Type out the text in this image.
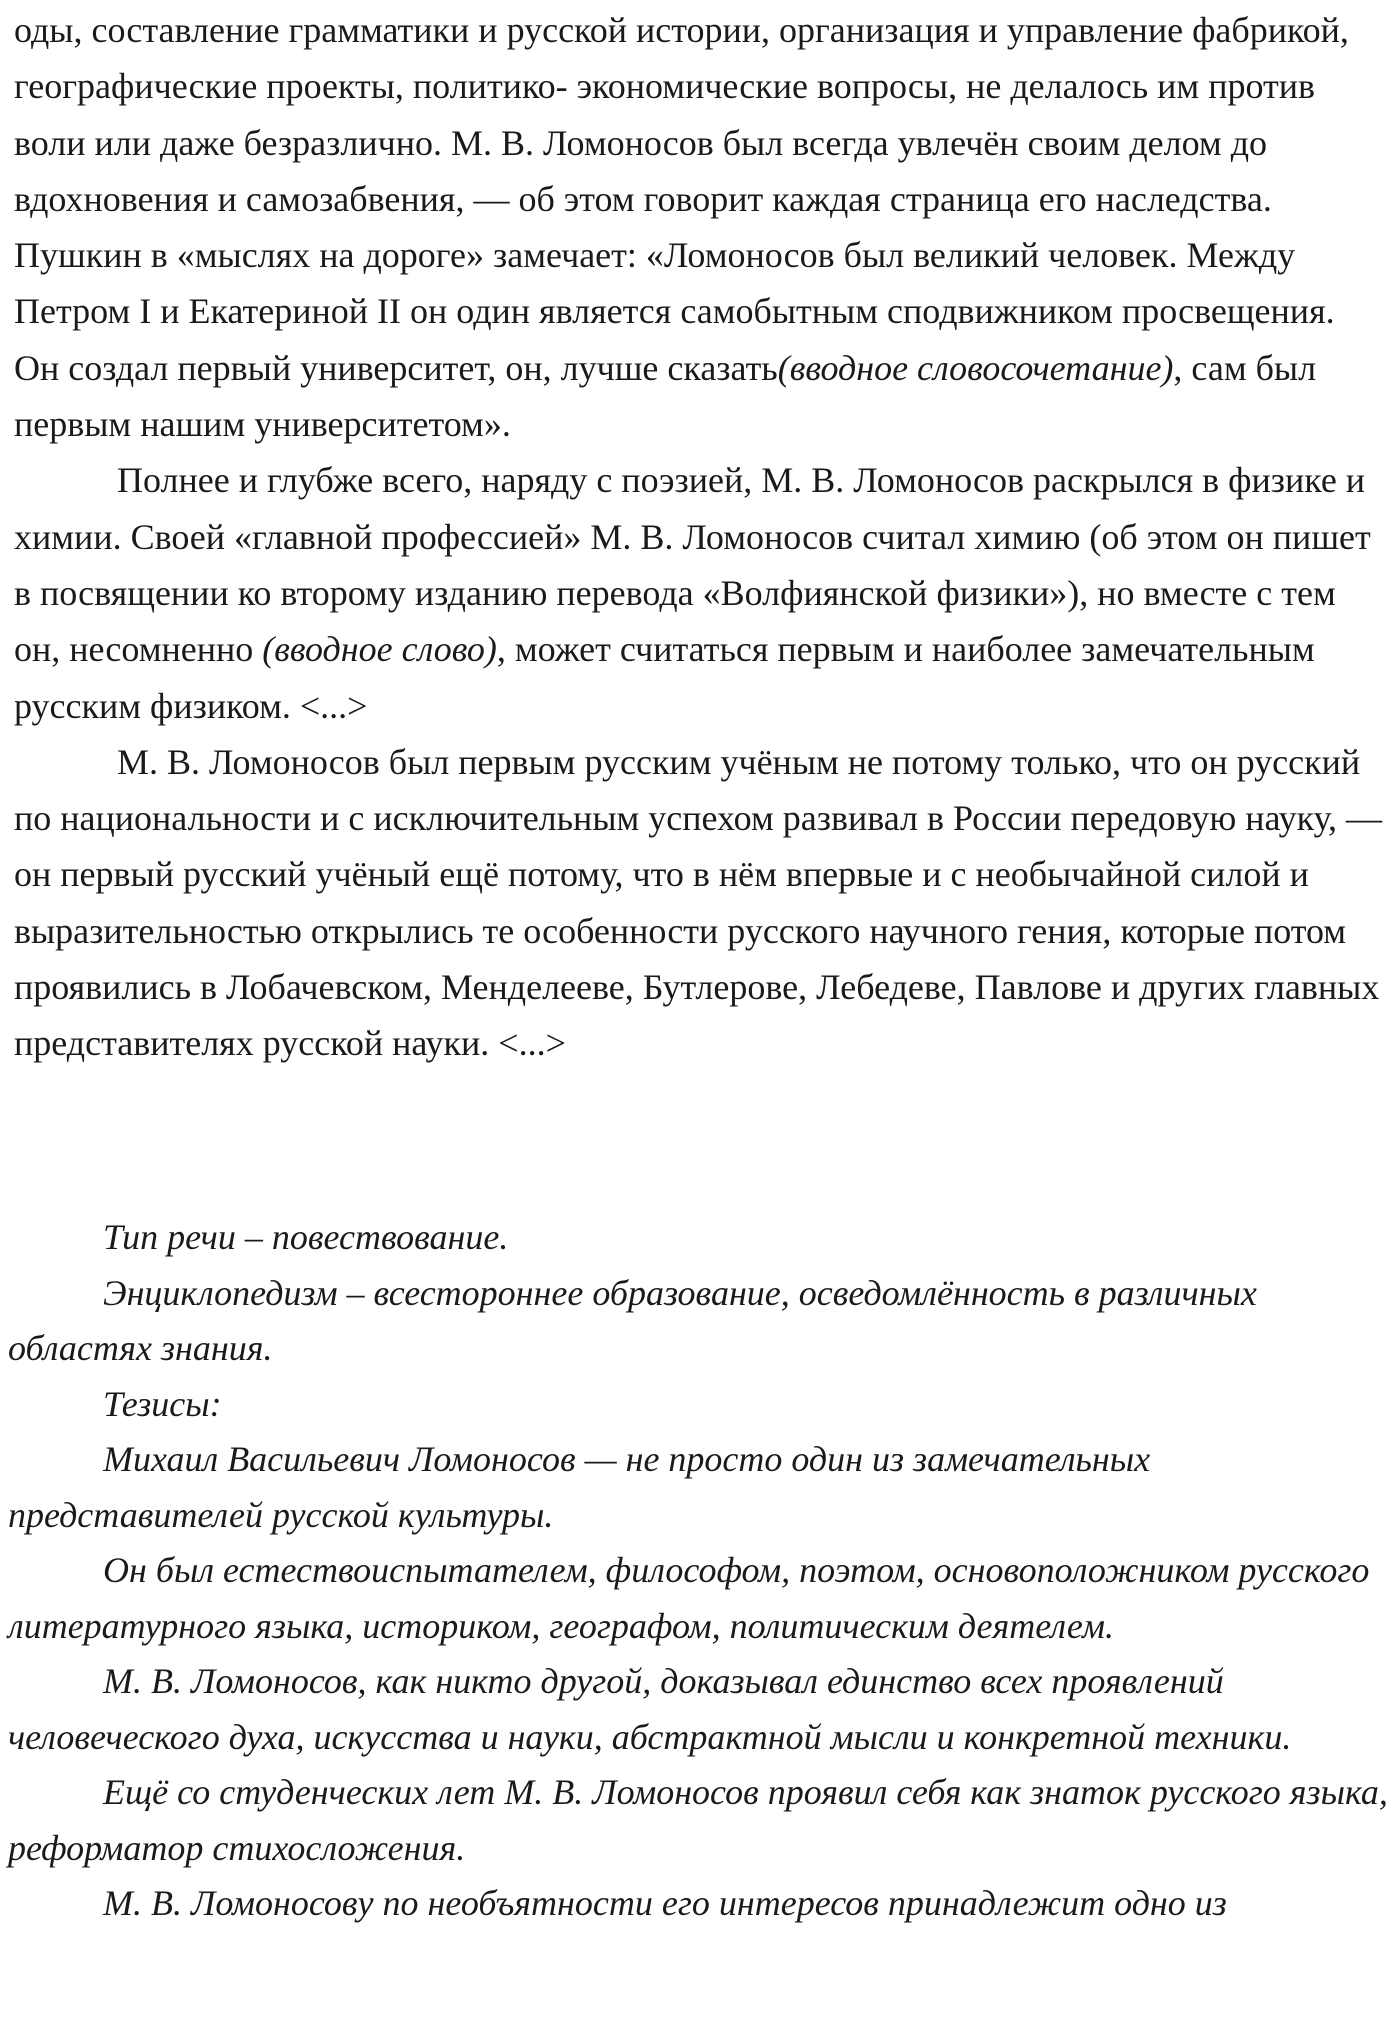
оды, составление грамматики и русской истории, организация и управление фабрикой, географические проекты, политико- экономические вопросы, не делалось им против воли или даже безразлично. М. В. Ломоносов был всегда увлечён своим делом до вдохновения и самозабвения, — об этом говорит каждая страница его наследства. Пушкин в «мыслях на дороге» замечает: «Ломоносов был великий человек. Между Петром I и Екатериной II он один является самобытным сподвижником просвещения. Он создал первый университет, он, лучше сказать(вводное словосочетание), сам был первым нашим университетом».

Полнее и глубже всего, наряду с поэзией, М. В. Ломоносов раскрылся в физике и химии. Своей «главной профессией» М. В. Ломоносов считал химию (об этом он пишет в посвящении ко второму изданию перевода «Волфиянской физики»), но вместе с тем он, несомненно (вводное слово), может считаться первым и наиболее замечательным русским физиком. <...>

М. В. Ломоносов был первым русским учёным не потому только, что он русский по национальности и с исключительным успехом развивал в России передовую науку, — он первый русский учёный ещё потому, что в нём впервые и с необычайной силой и выразительностью открылись те особенности русского научного гения, которые потом проявились в Лобачевском, Менделееве, Бутлерове, Лебедеве, Павлове и других главных представителях русской науки. <...>

Тип речи – повествование.

Энциклопедизм – всестороннее образование, осведомлённость в различных областях знания.

Тезисы:

Михаил Васильевич Ломоносов — не просто один из замечательных представителей русской культуры.

Он был естествоиспытателем, философом, поэтом, основоположником русского литературного языка, историком, географом, политическим деятелем.

М. В. Ломоносов, как никто другой, доказывал единство всех проявлений человеческого духа, искусства и науки, абстрактной мысли и конкретной техники.

Ещё со студенческих лет М. В. Ломоносов проявил себя как знаток русского языка, реформатор стихосложения.

М. В. Ломоносову по необъятности его интересов принадлежит одно из
